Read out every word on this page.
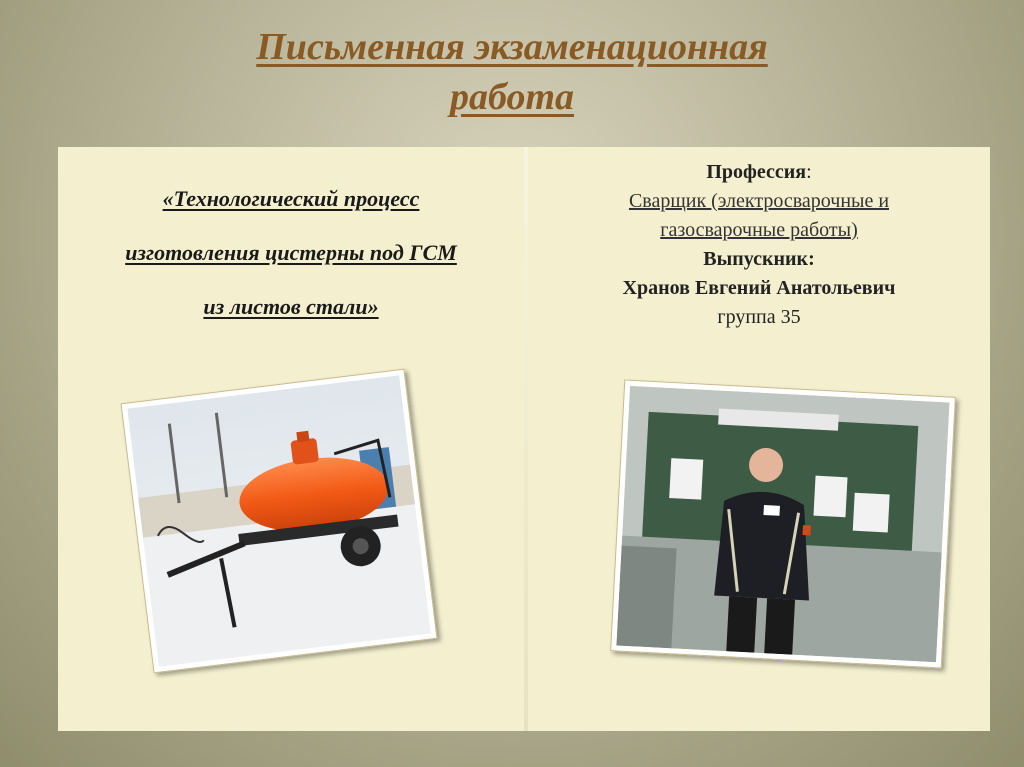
Письменная экзаменационная
работа
«Технологический процесс
изготовления цистерны под ГСМ
из листов стали»
Профессия:
Сварщик (электросварочные и
газосварочные работы)
Выпускник:
Хранов Евгений Анатольевич
группа 35
